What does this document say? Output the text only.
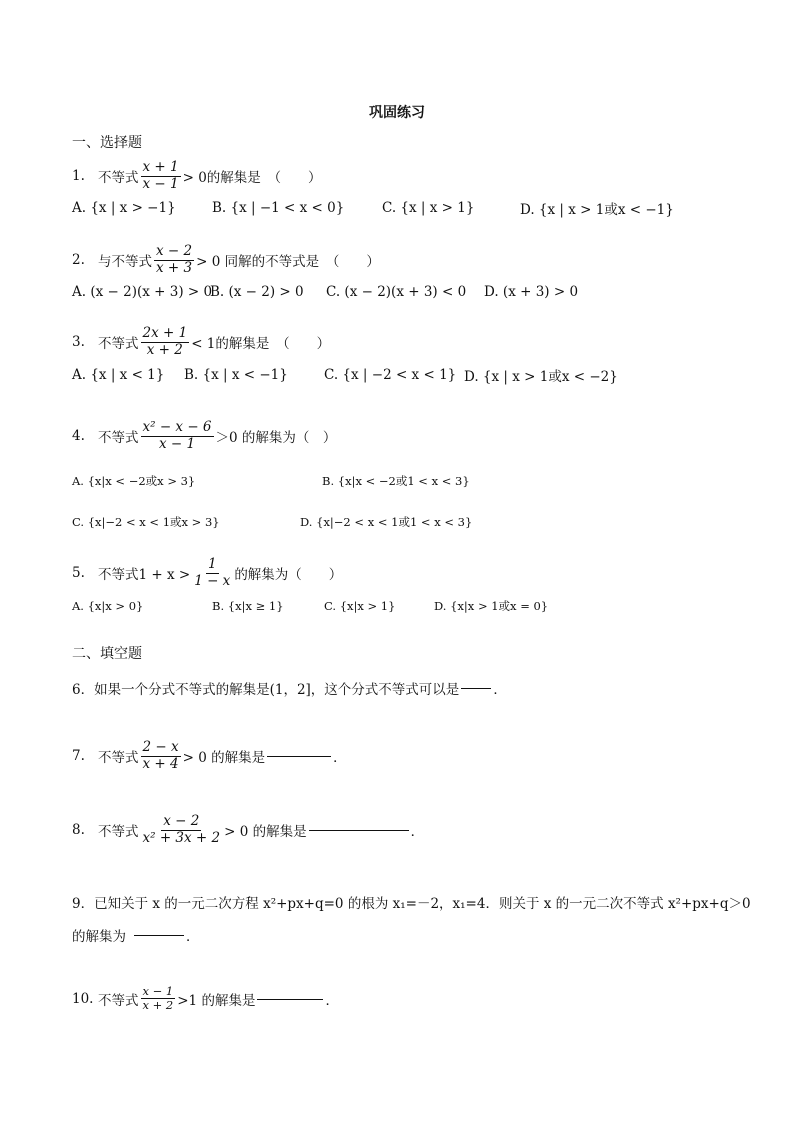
巩固练习
一、选择题
1. 不等式 $\frac{x + 1}{x - 1} > 0$的解集是　（　　）
A. {x | x > −1}	B. {x | −1 < x < 0}	C. {x | x > 1}	D. {x | x > 1或x < −1}
2. 与不等式 $\frac{x - 2}{x + 3} > 0$ 同解的不等式是　（　　）
A. (x − 2)(x + 3) > 0
B. (x − 2) > 0 C. (x − 2)(x + 3) < 0 D. (x + 3) > 0
3. 不等式 $\frac{2x + 1}{x + 2} < 1$的解集是　（　　）
A. {x | x < 1} B. {x | x < −1}	C. {x | −2 < x < 1} D. {x | x > 1或x < −2}
4. 不等式 $\frac{\text{x² − x − 6}}{x - 1} >0$ 的解集为（　）
A. {x|x < −2或x > 3}	B. {x|x < −2或1 < x < 3}
C. {x|−2 < x < 1或x > 3}	D. {x|−2 < x < 1或1 < x < 3}
5. 不等式$1 + x > \frac{1}{1 - x}$ 的解集为（　　）
A. {x|x > 0}	B. {x|x ≥ 1}	C. {x|x > 1}	D. {x|x > 1或x = 0}
二、填空题
6．如果一个分式不等式的解集是(1，2]，这个分式不等式可以是	．
7. 不等式 $\frac{2 - x}{x + 4} > 0$ 的解集是	．
8. 不等式 $\frac{x - 2}{\text{x² + 3x + 2}} > 0$ 的解集是	．
9．已知关于 x 的一元二次方程 x²+px+q=0 的根为 x₁=－2，x₁=4．则关于 x 的一元二次不等式 x²+px+q＞0
的解集为	．
10. 不等式 $\frac{x - 1}{x + 2} >1$ 的解集是	．
